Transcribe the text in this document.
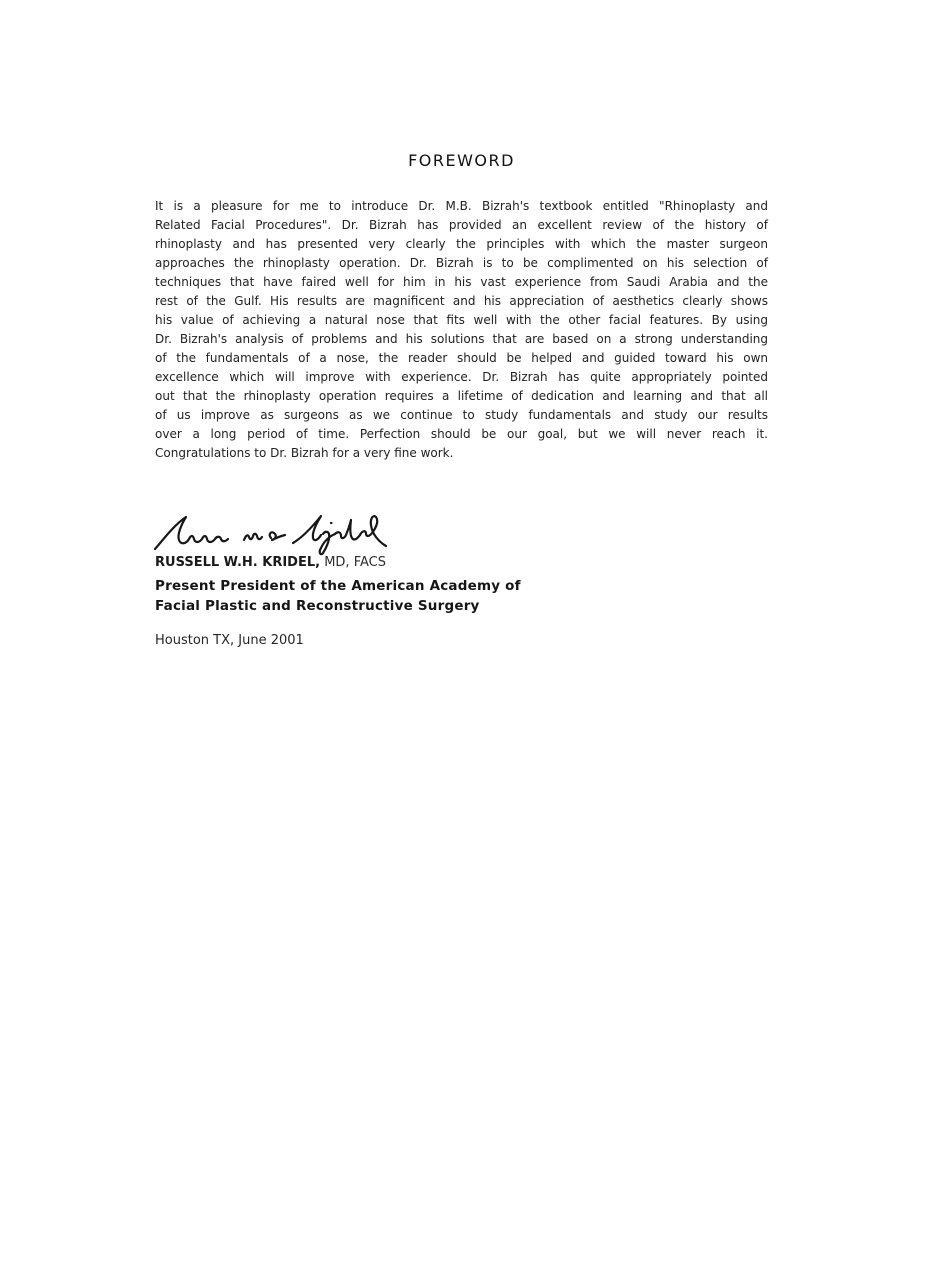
FOREWORD
It is a pleasure for me to introduce Dr. M.B. Bizrah's textbook entitled "Rhinoplasty and
Related Facial Procedures". Dr. Bizrah has provided an excellent review of the history of
rhinoplasty and has presented very clearly the principles with which the master surgeon
approaches the rhinoplasty operation. Dr. Bizrah is to be complimented on his selection of
techniques that have faired well for him in his vast experience from Saudi Arabia and the
rest of the Gulf. His results are magnificent and his appreciation of aesthetics clearly shows
his value of achieving a natural nose that fits well with the other facial features. By using
Dr. Bizrah's analysis of problems and his solutions that are based on a strong understanding
of the fundamentals of a nose, the reader should be helped and guided toward his own
excellence which will improve with experience. Dr. Bizrah has quite appropriately pointed
out that the rhinoplasty operation requires a lifetime of dedication and learning and that all
of us improve as surgeons as we continue to study fundamentals and study our results
over a long period of time. Perfection should be our goal, but we will never reach it.
Congratulations to Dr. Bizrah for a very fine work.
RUSSELL W.H. KRIDEL, MD, FACS
Present President of the American Academy of
Facial Plastic and Reconstructive Surgery
Houston TX, June 2001
